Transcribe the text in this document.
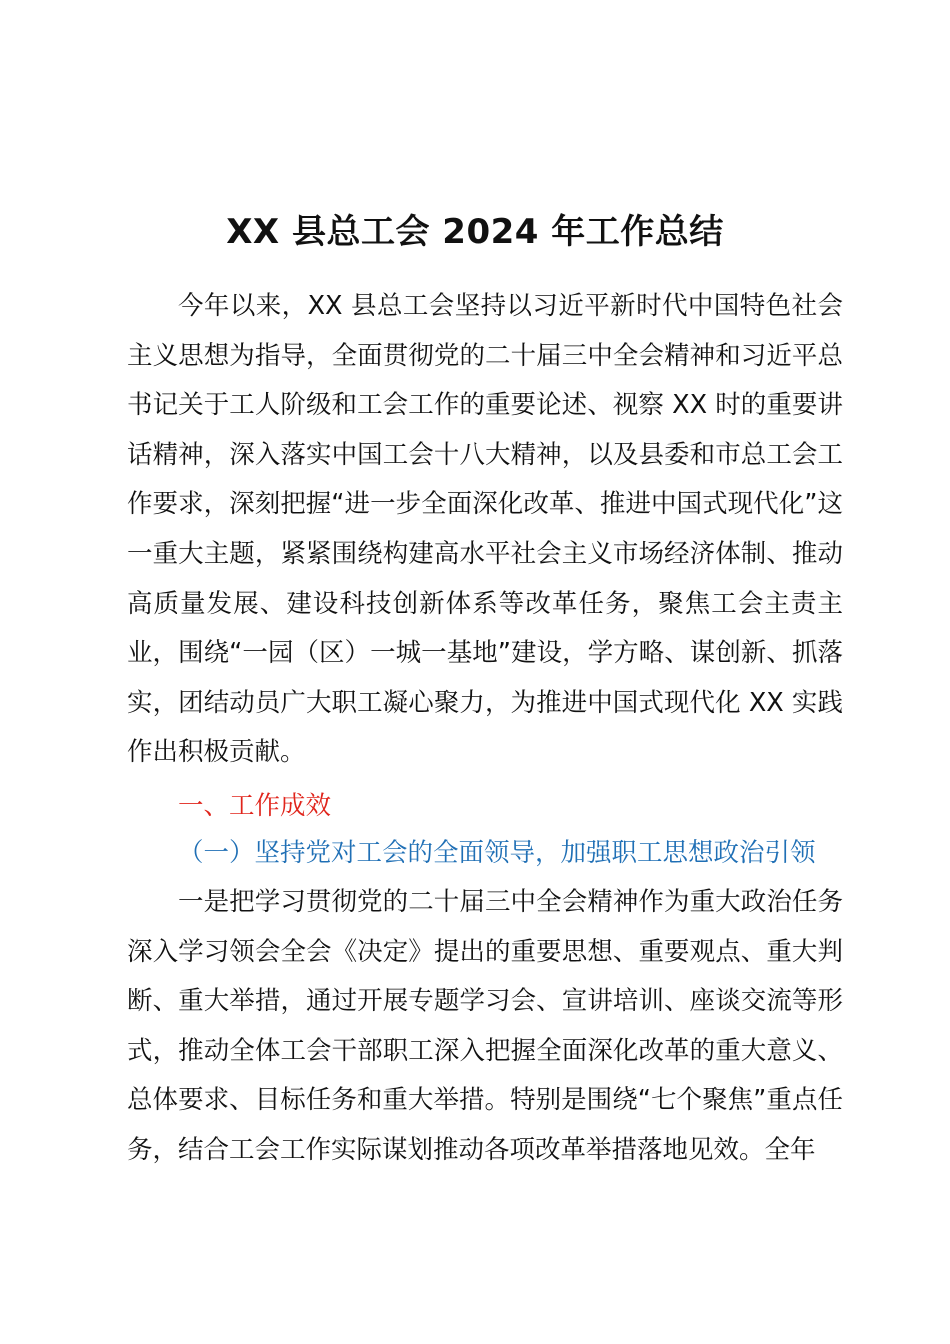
XX 县总工会 2024 年工作总结

今年以来，XX 县总工会坚持以习近平新时代中国特色社会主义思想为指导，全面贯彻党的二十届三中全会精神和习近平总书记关于工人阶级和工会工作的重要论述、视察 XX 时的重要讲话精神，深入落实中国工会十八大精神，以及县委和市总工会工作要求，深刻把握“进一步全面深化改革、推进中国式现代化”这一重大主题，紧紧围绕构建高水平社会主义市场经济体制、推动高质量发展、建设科技创新体系等改革任务，聚焦工会主责主业，围绕“一园（区）一城一基地”建设，学方略、谋创新、抓落实，团结动员广大职工凝心聚力，为推进中国式现代化 XX 实践作出积极贡献。

一、工作成效

（一）坚持党对工会的全面领导，加强职工思想政治引领

一是把学习贯彻党的二十届三中全会精神作为重大政治任务深入学习领会全会《决定》提出的重要思想、重要观点、重大判断、重大举措，通过开展专题学习会、宣讲培训、座谈交流等形式，推动全体工会干部职工深入把握全面深化改革的重大意义、总体要求、目标任务和重大举措。特别是围绕“七个聚焦”重点任务，结合工会工作实际谋划推动各项改革举措落地见效。全年
